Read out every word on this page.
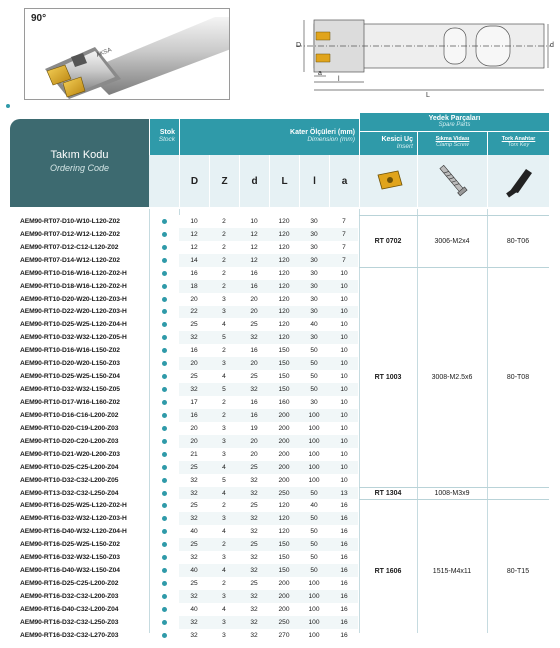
90°
AKSA
D	d
a
l
L
Takım Kodu
Ordering Code
Stok
Stock
Kater Ölçüleri (mm)
Dimension (mm)	Kesici Uç
Insert
Yedek Parçaları
Spare Parts
Sıkma Vidası
Clamp Screw
Tork Anahtar
Torx Key
D	Z	d	L	l	a
AEM90-RT07-D10-W10-L120-Z02	10	2	10	120	30	7
AEM90-RT07-D12-W12-L120-Z02	12	2	12	120	30	7
AEM90-RT07-D12-C12-L120-Z02	12	2	12	120	30	7
AEM90-RT07-D14-W12-L120-Z02	14	2	12	120	30	7
AEM90-RT10-D16-W16-L120-Z02-H	16	2	16	120	30	10
AEM90-RT10-D18-W16-L120-Z02-H	18	2	16	120	30	10
AEM90-RT10-D20-W20-L120-Z03-H	20	3	20	120	30	10
AEM90-RT10-D22-W20-L120-Z03-H	22	3	20	120	30	10
AEM90-RT10-D25-W25-L120-Z04-H	25	4	25	120	40	10
AEM90-RT10-D32-W32-L120-Z05-H	32	5	32	120	30	10
AEM90-RT10-D16-W16-L150-Z02	16	2	16	150	50	10
AEM90-RT10-D20-W20-L150-Z03	20	3	20	150	50	10
AEM90-RT10-D25-W25-L150-Z04	25	4	25	150	50	10
AEM90-RT10-D32-W32-L150-Z05	32	5	32	150	50	10
AEM90-RT10-D17-W16-L160-Z02	17	2	16	160	30	10
AEM90-RT10-D16-C16-L200-Z02	16	2	16	200	100	10
AEM90-RT10-D20-C19-L200-Z03	20	3	19	200	100	10
AEM90-RT10-D20-C20-L200-Z03	20	3	20	200	100	10
AEM90-RT10-D21-W20-L200-Z03	21	3	20	200	100	10
AEM90-RT10-D25-C25-L200-Z04	25	4	25	200	100	10
AEM90-RT10-D32-C32-L200-Z05	32	5	32	200	100	10
AEM90-RT13-D32-C32-L250-Z04	32	4	32	250	50	13
AEM90-RT16-D25-W25-L120-Z02-H	25	2	25	120	40	16
AEM90-RT16-D32-W32-L120-Z03-H	32	3	32	120	50	16
AEM90-RT16-D40-W32-L120-Z04-H	40	4	32	120	50	16
AEM90-RT16-D25-W25-L150-Z02	25	2	25	150	50	16
AEM90-RT16-D32-W32-L150-Z03	32	3	32	150	50	16
AEM90-RT16-D40-W32-L150-Z04	40	4	32	150	50	16
AEM90-RT16-D25-C25-L200-Z02	25	2	25	200	100	16
AEM90-RT16-D32-C32-L200-Z03	32	3	32	200	100	16
AEM90-RT16-D40-C32-L200-Z04	40	4	32	200	100	16
AEM90-RT16-D32-C32-L250-Z03	32	3	32	250	100	16
AEM90-RT16-D32-C32-L270-Z03	32	3	32	270	100	16
RT 0702	3006-M2x4	80-T06
RT 1003	3008-M2.5x6	80-T08
RT 1304	1008-M3x9
RT 1606	1515-M4x11	80-T15
